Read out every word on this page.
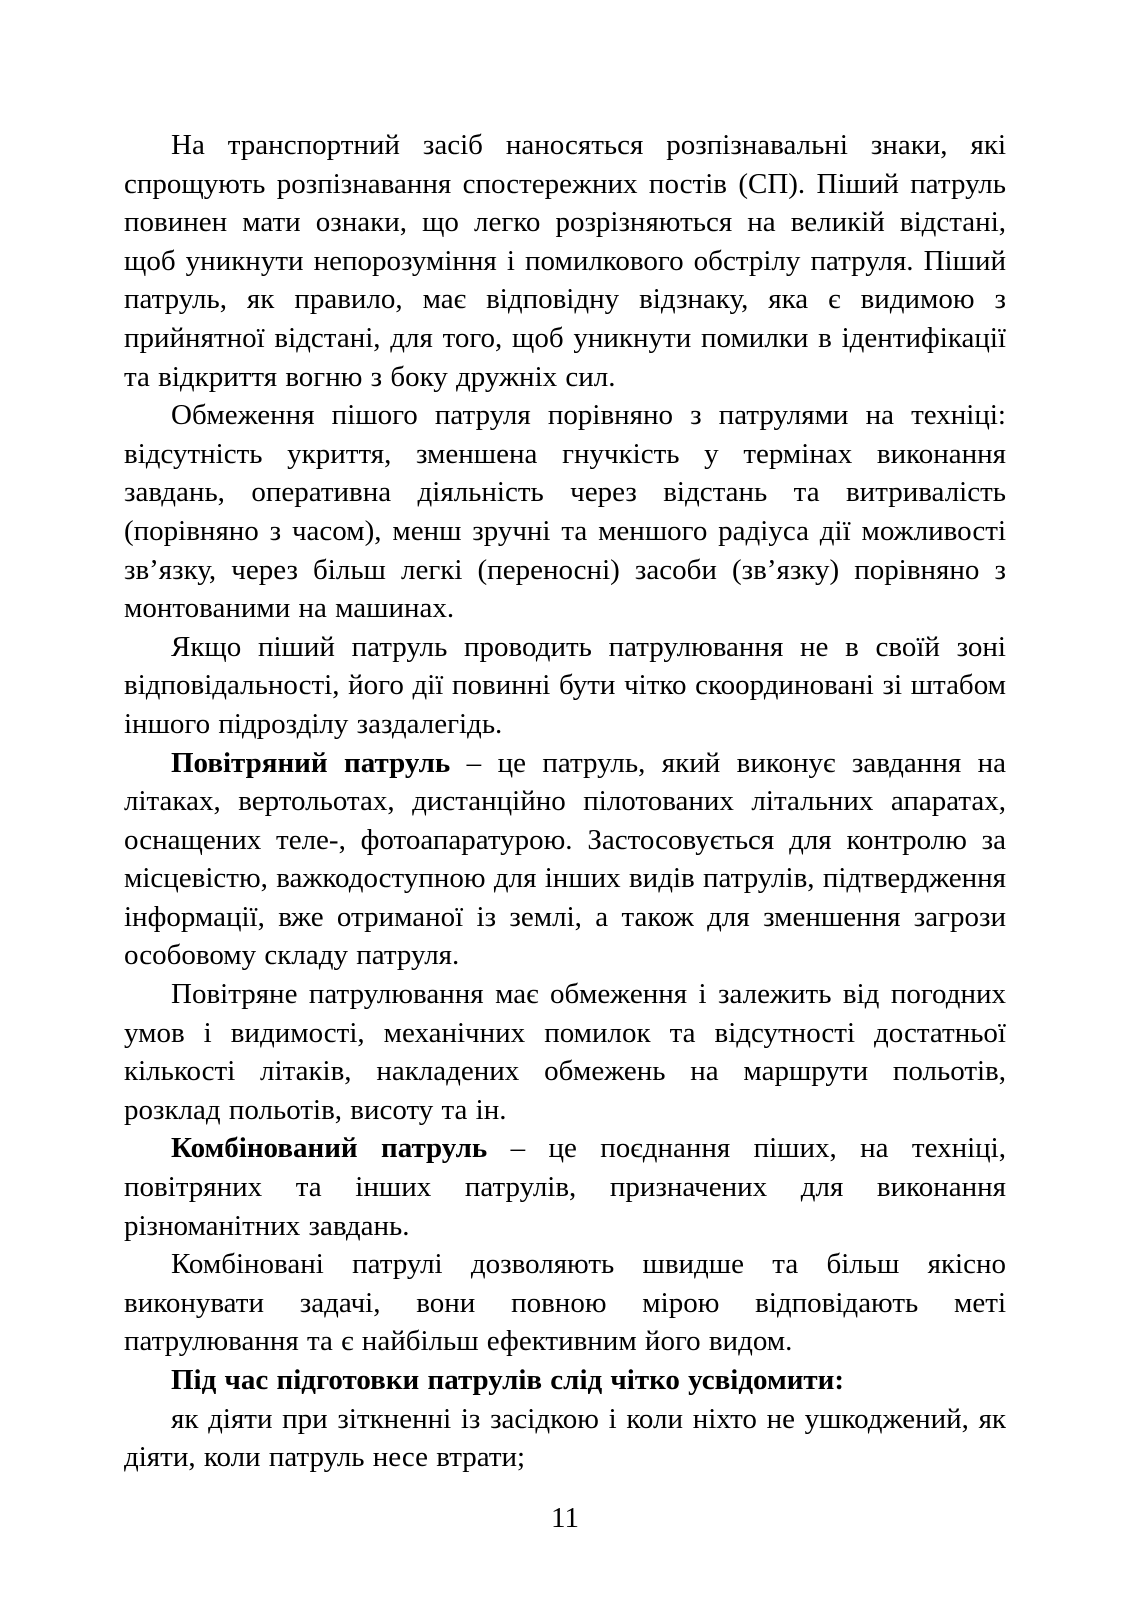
На транспортний засіб наносяться розпізнавальні знаки, які спрощують розпізнавання спостережних постів (СП). Піший патруль повинен мати ознаки, що легко розрізняються на великій відстані, щоб уникнути непорозуміння і помилкового обстрілу патруля. Піший патруль, як правило, має відповідну відзнаку, яка є видимою з прийнятної відстані, для того, щоб уникнути помилки в ідентифікації та відкриття вогню з боку дружніх сил.

Обмеження пішого патруля порівняно з патрулями на техніці: відсутність укриття, зменшена гнучкість у термінах виконання завдань, оперативна діяльність через відстань та витривалість (порівняно з часом), менш зручні та меншого радіуса дії можливості зв’язку, через більш легкі (переносні) засоби (зв’язку) порівняно з монтованими на машинах.

Якщо піший патруль проводить патрулювання не в своїй зоні відповідальності, його дії повинні бути чітко скоординовані зі штабом іншого підрозділу заздалегідь.

Повітряний патруль – це патруль, який виконує завдання на літаках, вертольотах, дистанційно пілотованих літальних апаратах, оснащених теле-, фотоапаратурою. Застосовується для контролю за місцевістю, важкодоступною для інших видів патрулів, підтвердження інформації, вже отриманої із землі, а також для зменшення загрози особовому складу патруля.

Повітряне патрулювання має обмеження і залежить від погодних умов і видимості, механічних помилок та відсутності достатньої кількості літаків, накладених обмежень на маршрути польотів, розклад польотів, висоту та ін.

Комбінований патруль – це поєднання піших, на техніці, повітряних та інших патрулів, призначених для виконання різноманітних завдань.

Комбіновані патрулі дозволяють швидше та більш якісно виконувати задачі, вони повною мірою відповідають меті патрулювання та є найбільш ефективним його видом.

Під час підготовки патрулів слід чітко усвідомити:

як діяти при зіткненні із засідкою і коли ніхто не ушкоджений, як діяти, коли патруль несе втрати;

11
